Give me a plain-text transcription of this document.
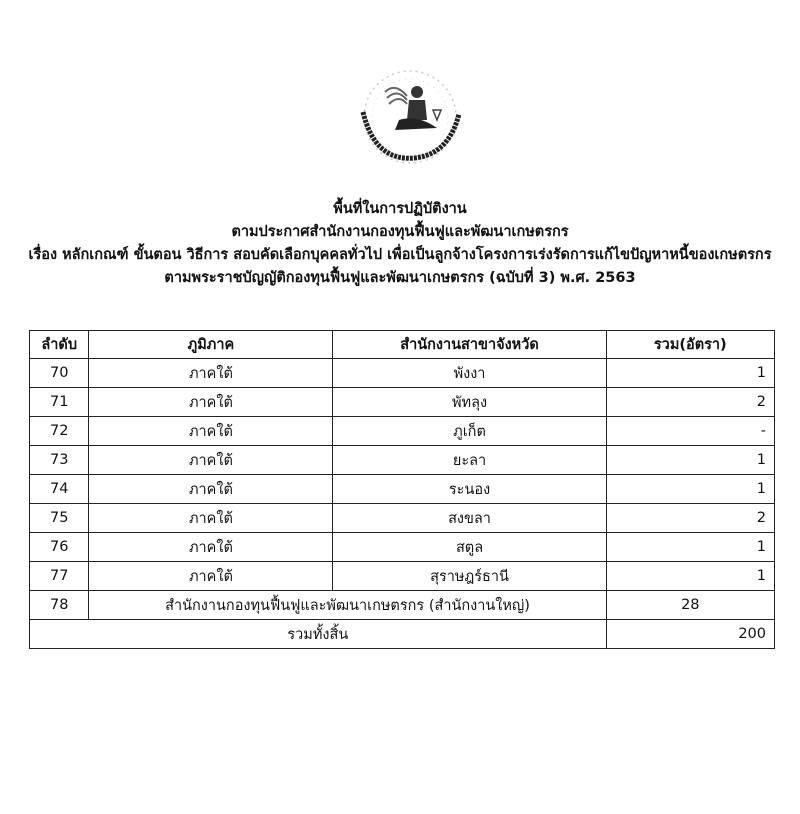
พื้นที่ในการปฏิบัติงาน
ตามประกาศสำนักงานกองทุนฟื้นฟูและพัฒนาเกษตรกร
เรื่อง หลักเกณฑ์ ขั้นตอน วิธีการ สอบคัดเลือกบุคคลทั่วไป เพื่อเป็นลูกจ้างโครงการเร่งรัดการแก้ไขปัญหาหนี้ของเกษตรกร
ตามพระราชบัญญัติกองทุนฟื้นฟูและพัฒนาเกษตรกร (ฉบับที่ 3) พ.ศ. 2563
ลำดับ	ภูมิภาค	สำนักงานสาขาจังหวัด	รวม(อัตรา)
70	ภาคใต้	พังงา	1
71	ภาคใต้	พัทลุง	2
72	ภาคใต้	ภูเก็ต	-
73	ภาคใต้	ยะลา	1
74	ภาคใต้	ระนอง	1
75	ภาคใต้	สงขลา	2
76	ภาคใต้	สตูล	1
77	ภาคใต้	สุราษฎร์ธานี	1
78	สำนักงานกองทุนฟื้นฟูและพัฒนาเกษตรกร (สำนักงานใหญ่)		28
รวมทั้งสิ้น			200
